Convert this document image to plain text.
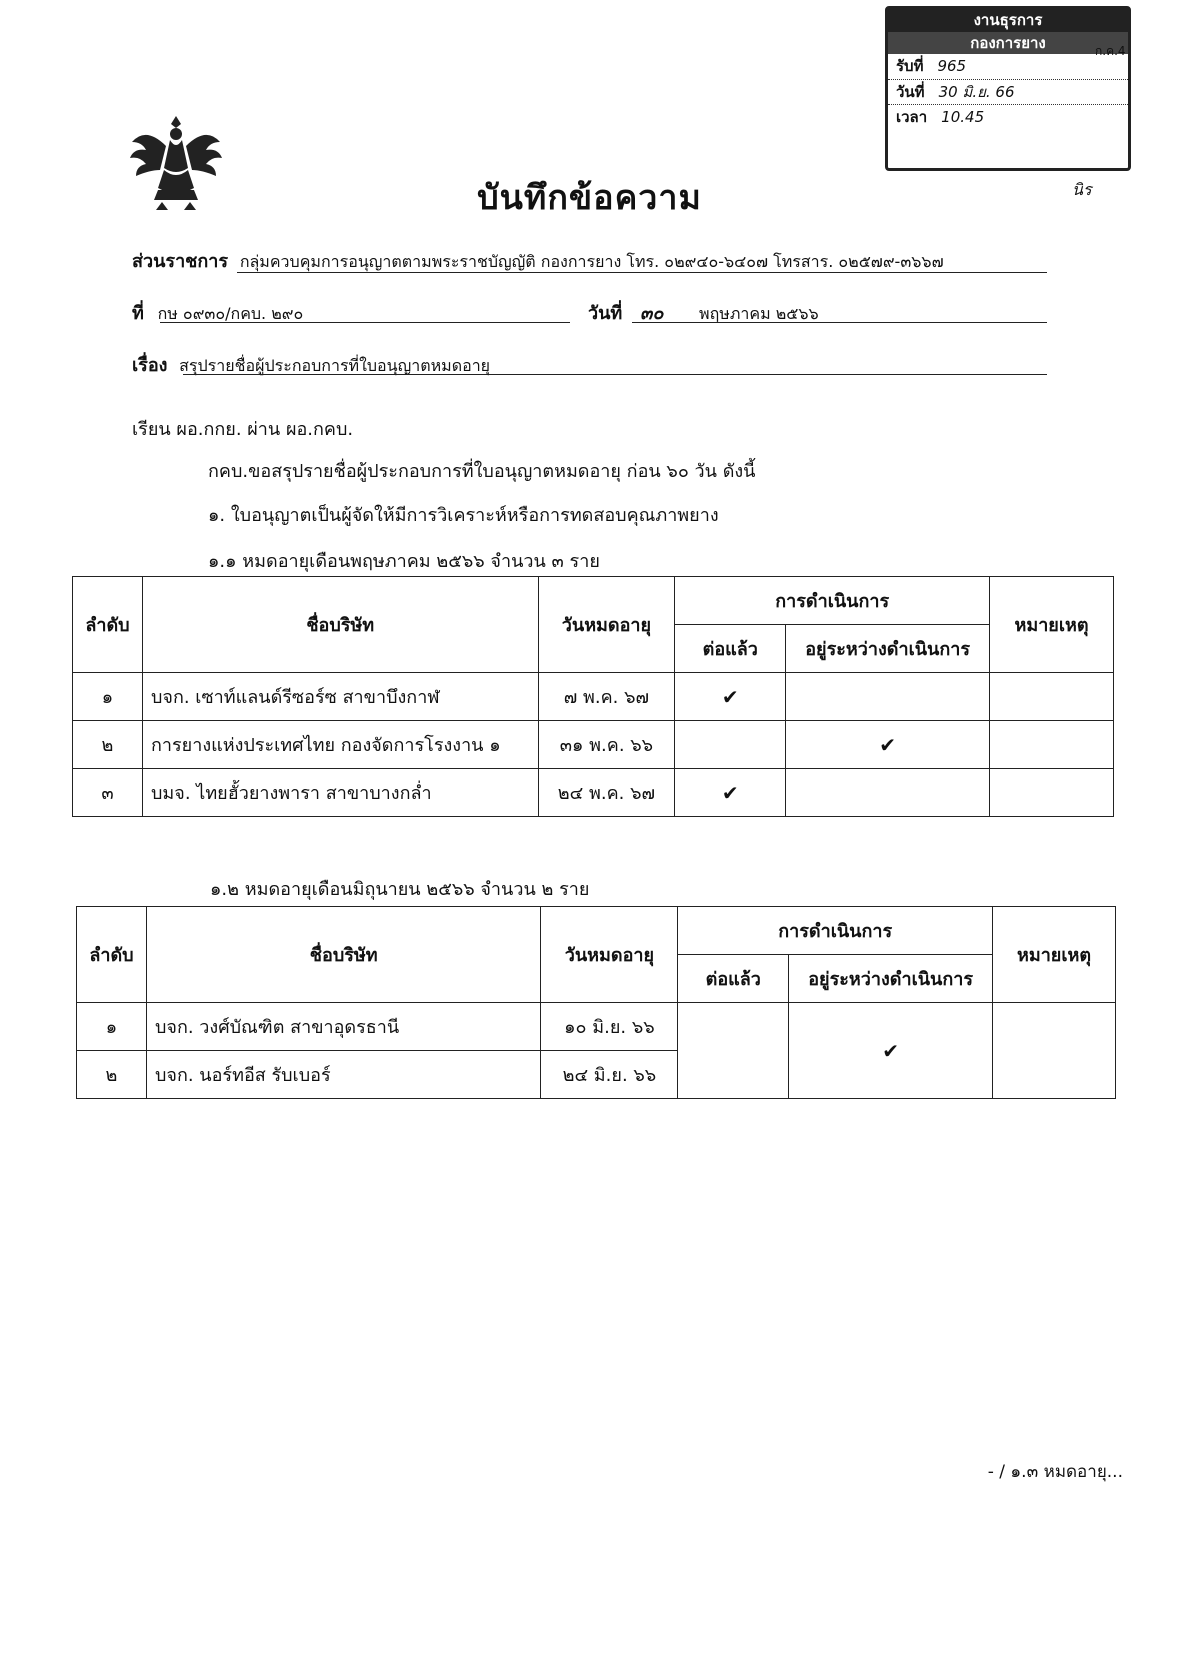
บันทึกข้อความ
งานธุรการ
กองการยาง
รับที่ 965
วันที่ 30 มิ.ย. 66
เวลา 10.45
ก.ค.4
นิร
ส่วนราชการ กลุ่มควบคุมการอนุญาตตามพระราชบัญญัติ กองการยาง โทร. ๐๒๙๔๐-๖๔๐๗ โทรสาร. ๐๒๕๗๙-๓๖๖๗
ที่ กษ ๐๙๓๐/กคบ. ๒๙๐	วันที่ ๓๐ พฤษภาคม ๒๕๖๖
เรื่อง สรุปรายชื่อผู้ประกอบการที่ใบอนุญาตหมดอายุ
เรียน ผอ.กกย. ผ่าน ผอ.กคบ.
กคบ.ขอสรุปรายชื่อผู้ประกอบการที่ใบอนุญาตหมดอายุ ก่อน ๖๐ วัน ดังนี้
๑. ใบอนุญาตเป็นผู้จัดให้มีการวิเคราะห์หรือการทดสอบคุณภาพยาง
๑.๑ หมดอายุเดือนพฤษภาคม ๒๕๖๖ จำนวน ๓ ราย
ลำดับ	ชื่อบริษัท	วันหมดอายุ	การดำเนินการ		หมายเหตุ
			ต่อแล้ว	อยู่ระหว่างดำเนินการ	
๑	บจก. เซาท์แลนด์รีซอร์ซ สาขาบึงกาฬ	๗ พ.ค. ๖๗	✔		
๒	การยางแห่งประเทศไทย กองจัดการโรงงาน ๑	๓๑ พ.ค. ๖๖		✔	
๓	บมจ. ไทยฮั้วยางพารา สาขาบางกล่ำ	๒๔ พ.ค. ๖๗	✔		
๑.๒ หมดอายุเดือนมิถุนายน ๒๕๖๖ จำนวน ๒ ราย
ลำดับ	ชื่อบริษัท	วันหมดอายุ	การดำเนินการ		หมายเหตุ
			ต่อแล้ว	อยู่ระหว่างดำเนินการ	
๑	บจก. วงศ์บัณฑิต สาขาอุดรธานี	๑๐ มิ.ย. ๖๖		✔	
๒	บจก. นอร์ทอีส รับเบอร์	๒๔ มิ.ย. ๖๖			
- / ๑.๓ หมดอายุ...
